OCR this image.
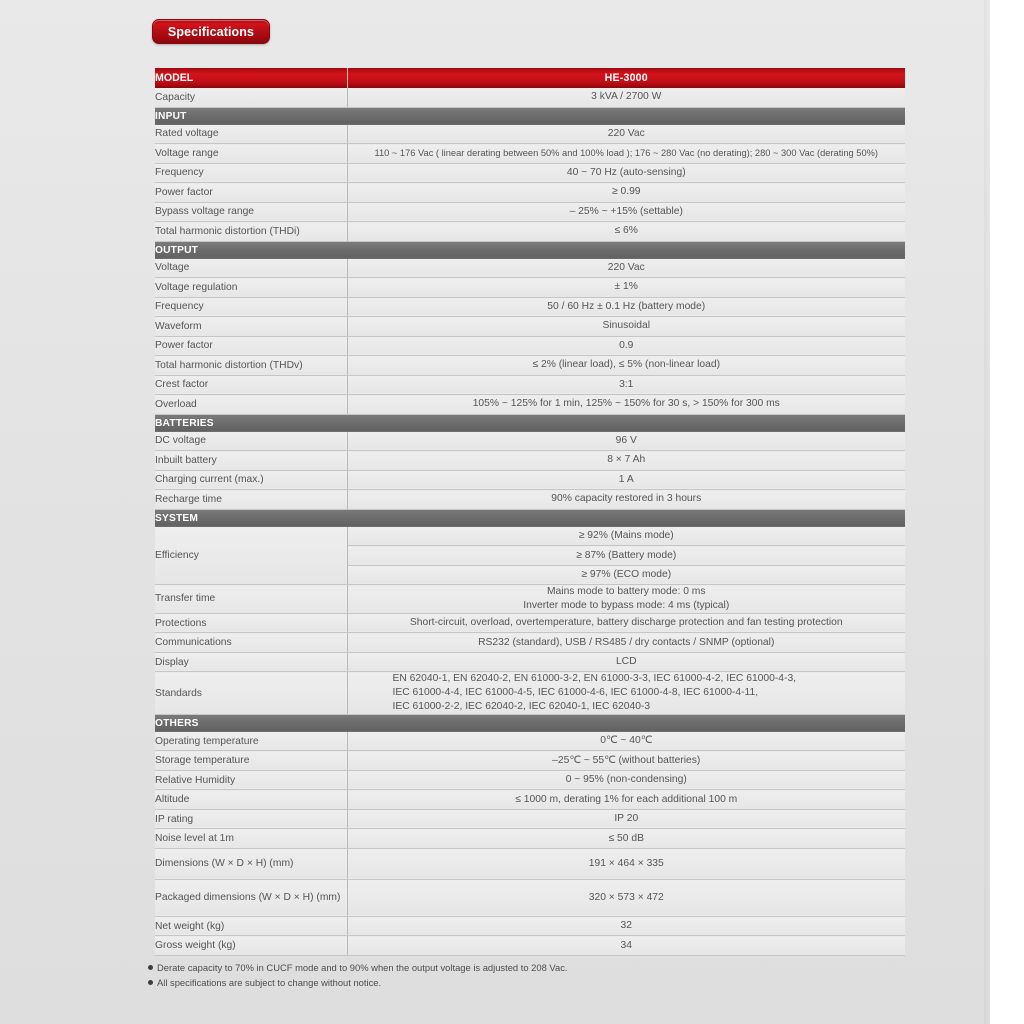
Specifications
MODEL	HE-3000
Capacity	3 kVA / 2700 W
INPUT	
Rated voltage	220 Vac
Voltage range	110 ~ 176 Vac ( linear derating between 50% and 100% load ); 176 ~ 280 Vac (no derating); 280 ~ 300 Vac (derating 50%)
Frequency	40 ~ 70 Hz (auto-sensing)
Power factor	≥ 0.99
Bypass voltage range	– 25% ~ +15% (settable)
Total harmonic distortion (THDi)	≤ 6%
OUTPUT	
Voltage	220 Vac
Voltage regulation	± 1%
Frequency	50 / 60 Hz ± 0.1 Hz (battery mode)
Waveform	Sinusoidal
Power factor	0.9
Total harmonic distortion (THDv)	≤ 2% (linear load), ≤ 5% (non-linear load)
Crest factor	3:1
Overload	105% ~ 125% for 1 min, 125% ~ 150% for 30 s, > 150% for 300 ms
BATTERIES	
DC voltage	96 V
Inbuilt battery	8 × 7 Ah
Charging current (max.)	1 A
Recharge time	90% capacity restored in 3 hours
SYSTEM	
Efficiency	≥ 92% (Mains mode)
	≥ 87% (Battery mode)
	≥ 97% (ECO mode)
Transfer time	Mains mode to battery mode: 0 ms
Inverter mode to bypass mode: 4 ms (typical)

Protections	Short-circuit, overload, overtemperature, battery discharge protection and fan testing protection
Communications	RS232 (standard), USB / RS485 / dry contacts / SNMP (optional)
Display	LCD
Standards	EN 62040-1, EN 62040-2, EN 61000-3-2, EN 61000-3-3, IEC 61000-4-2, IEC 61000-4-3,
IEC 61000-4-4, IEC 61000-4-5, IEC 61000-4-6, IEC 61000-4-8, IEC 61000-4-11,
IEC 61000-2-2, IEC 62040-2, IEC 62040-1, IEC 62040-3

OTHERS	
Operating temperature	0℃ ~ 40℃
Storage temperature	–25℃ ~ 55℃ (without batteries)
Relative Humidity	0 ~ 95% (non-condensing)
Altitude	≤ 1000 m, derating 1% for each additional 100 m
IP rating	IP 20
Noise level at 1m	≤ 50 dB
Dimensions (W × D × H) (mm)	191 × 464 × 335
Packaged dimensions (W × D × H) (mm)	320 × 573 × 472
Net weight (kg)	32
Gross weight (kg)	34
Derate capacity to 70% in CUCF mode and to 90% when the output voltage is adjusted to 208 Vac.
All specifications are subject to change without notice.
